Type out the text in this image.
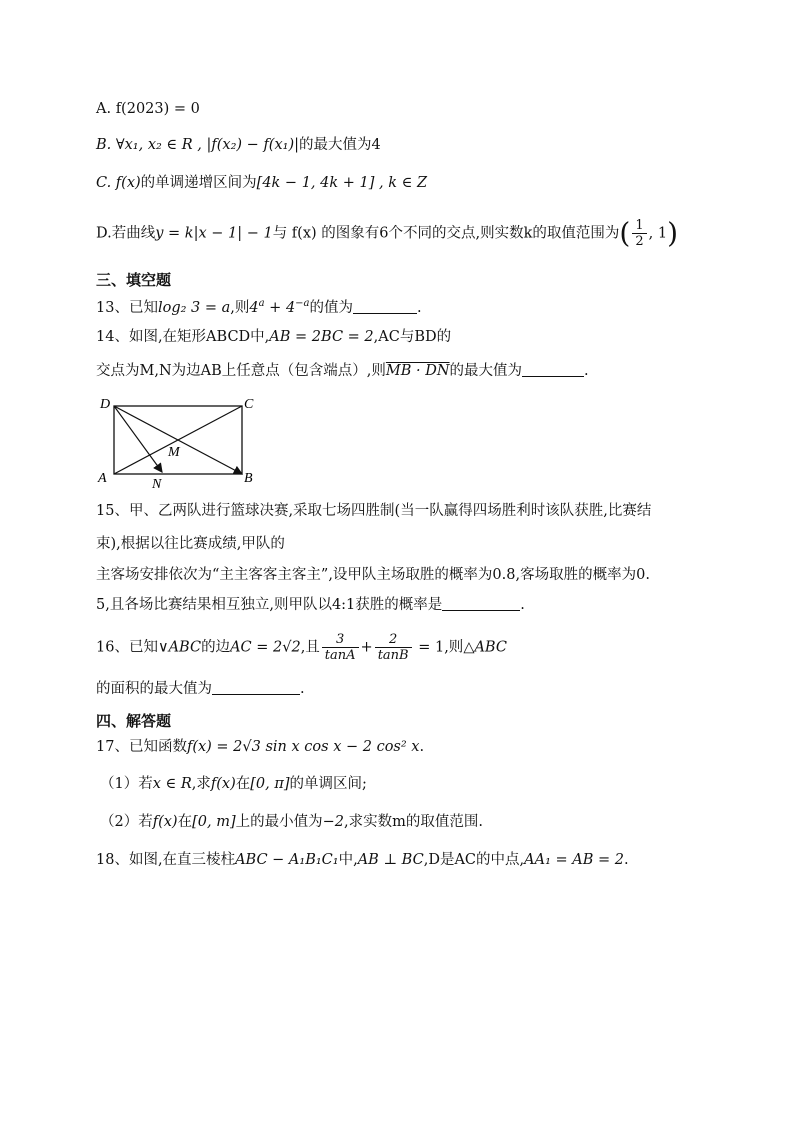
A. f(2023) = 0
B. ∀x₁, x₂ ∈ R , |f(x₂) − f(x₁)|的最大值为4
C. f(x)的单调递增区间为[4k − 1, 4k + 1] , k ∈ Z
D.若曲线y = k|x − 1| − 1与 f(x) 的图象有6个不同的交点,则实数k的取值范围为( $\frac{1}{2}$ , 1)
三、填空题
13、已知log₂ 3 = a,则$4^a + 4^{-a}$的值为	.
14、如图,在矩形ABCD中,AB = 2BC = 2,AC与BD的
交点为M,N为边AB上任意点（包含端点）,则MB · DN的最大值为	.
D	C
A	B
M
N
15、甲、乙两队进行篮球决赛,采取七场四胜制(当一队赢得四场胜利时该队获胜,比赛结
束),根据以往比赛成绩,甲队的
主客场安排依次为“主主客客主客主”,设甲队主场取胜的概率为0.8,客场取胜的概率为0.
5,且各场比赛结果相互独立,则甲队以4:1获胜的概率是	.
16、已知∨ABC的边AC = 2√2,且 $\frac{3}{\tan A} + \frac{2}{\tan B} = 1$,则△ABC
的面积的最大值为	.
四、解答题
17、已知函数f(x) = 2√3 sin x cos x − 2 cos² x.
（1）若x ∈ R,求f(x)在[0, π]的单调区间;
（2）若f(x)在[0, m]上的最小值为−2,求实数m的取值范围.
18、如图,在直三棱柱ABC − A₁B₁C₁中,AB ⊥ BC,D是AC的中点,AA₁ = AB = 2.
